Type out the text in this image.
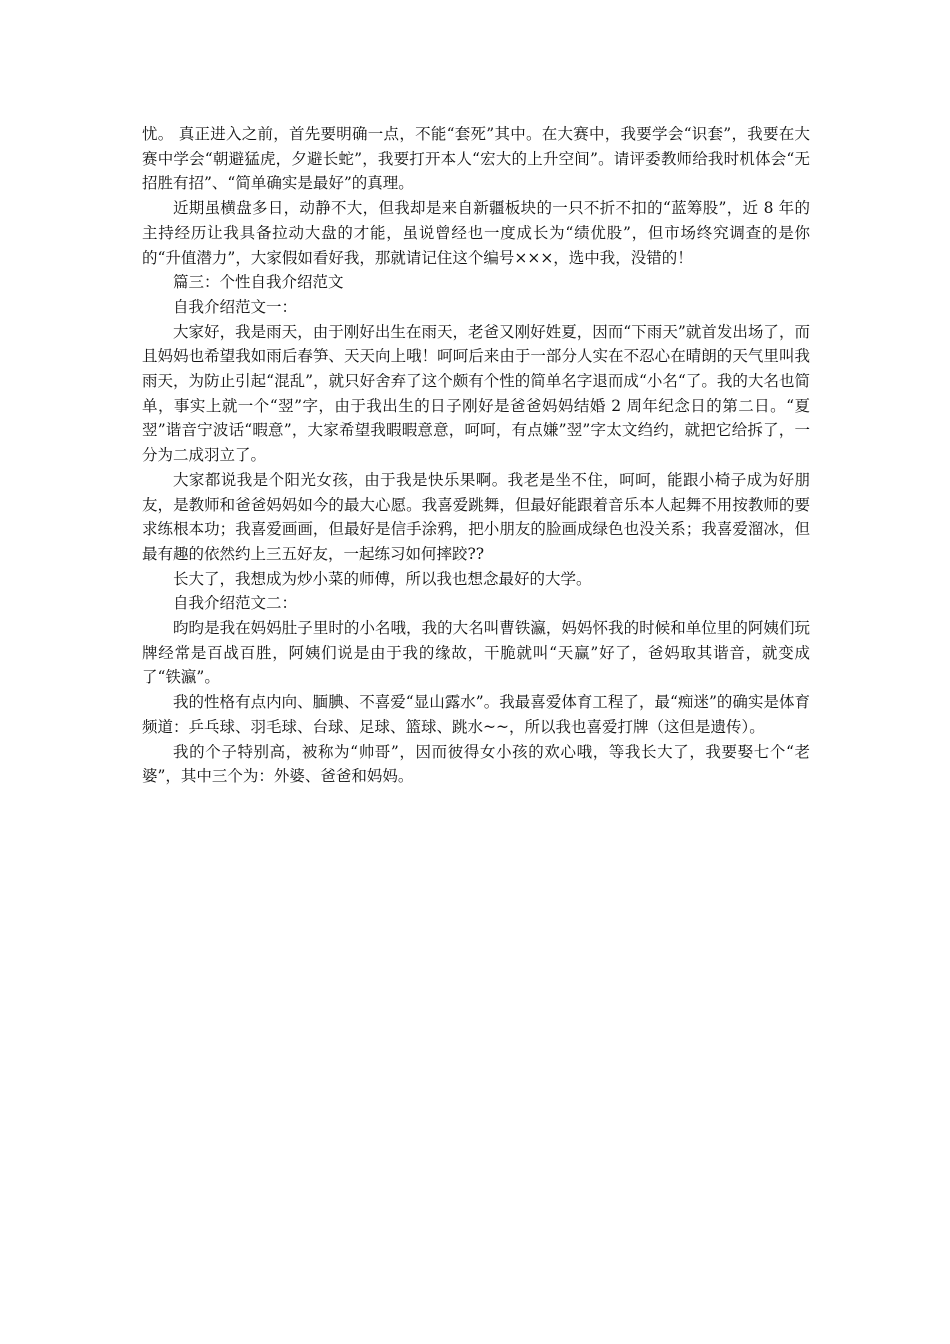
忧。 真正进入之前，首先要明确一点，不能“套死”其中。在大赛中，我要学会“识套”，我要在大赛中学会“朝避猛虎，夕避长蛇”，我要打开本人“宏大的上升空间”。请评委教师给我时机体会“无招胜有招”、“简单确实是最好”的真理。

近期虽横盘多日，动静不大，但我却是来自新疆板块的一只不折不扣的“蓝筹股”，近 8 年的主持经历让我具备拉动大盘的才能，虽说曾经也一度成长为“绩优股”，但市场终究调查的是你的“升值潜力”，大家假如看好我，那就请记住这个编号×××，选中我，没错的！

篇三：个性自我介绍范文

自我介绍范文一：

大家好，我是雨天，由于刚好出生在雨天，老爸又刚好姓夏，因而“下雨天”就首发出场了，而且妈妈也希望我如雨后春笋、天天向上哦！呵呵后来由于一部分人实在不忍心在晴朗的天气里叫我雨天，为防止引起“混乱”，就只好舍弃了这个颇有个性的简单名字退而成“小名“了。我的大名也简单，事实上就一个“翌”字，由于我出生的日子刚好是爸爸妈妈结婚 2 周年纪念日的第二日。“夏翌”谐音宁波话“暇意”，大家希望我暇暇意意，呵呵，有点嫌”翌”字太文绉约，就把它给拆了，一分为二成羽立了。

大家都说我是个阳光女孩，由于我是快乐果啊。我老是坐不住，呵呵，能跟小椅子成为好朋友，是教师和爸爸妈妈如今的最大心愿。我喜爱跳舞，但最好能跟着音乐本人起舞不用按教师的要求练根本功；我喜爱画画，但最好是信手涂鸦，把小朋友的脸画成绿色也没关系；我喜爱溜冰，但最有趣的依然约上三五好友，一起练习如何摔跤??

长大了，我想成为炒小菜的师傅，所以我也想念最好的大学。

自我介绍范文二：

昀昀是我在妈妈肚子里时的小名哦，我的大名叫曹铁瀛，妈妈怀我的时候和单位里的阿姨们玩牌经常是百战百胜，阿姨们说是由于我的缘故，干脆就叫“天赢”好了，爸妈取其谐音，就变成了“铁瀛”。

我的性格有点内向、腼腆、不喜爱“显山露水”。我最喜爱体育工程了，最“痴迷”的确实是体育频道：乒乓球、羽毛球、台球、足球、篮球、跳水~~，所以我也喜爱打牌（这但是遗传）。

我的个子特别高，被称为“帅哥”，因而彼得女小孩的欢心哦，等我长大了，我要娶七个“老婆”，其中三个为：外婆、爸爸和妈妈。
